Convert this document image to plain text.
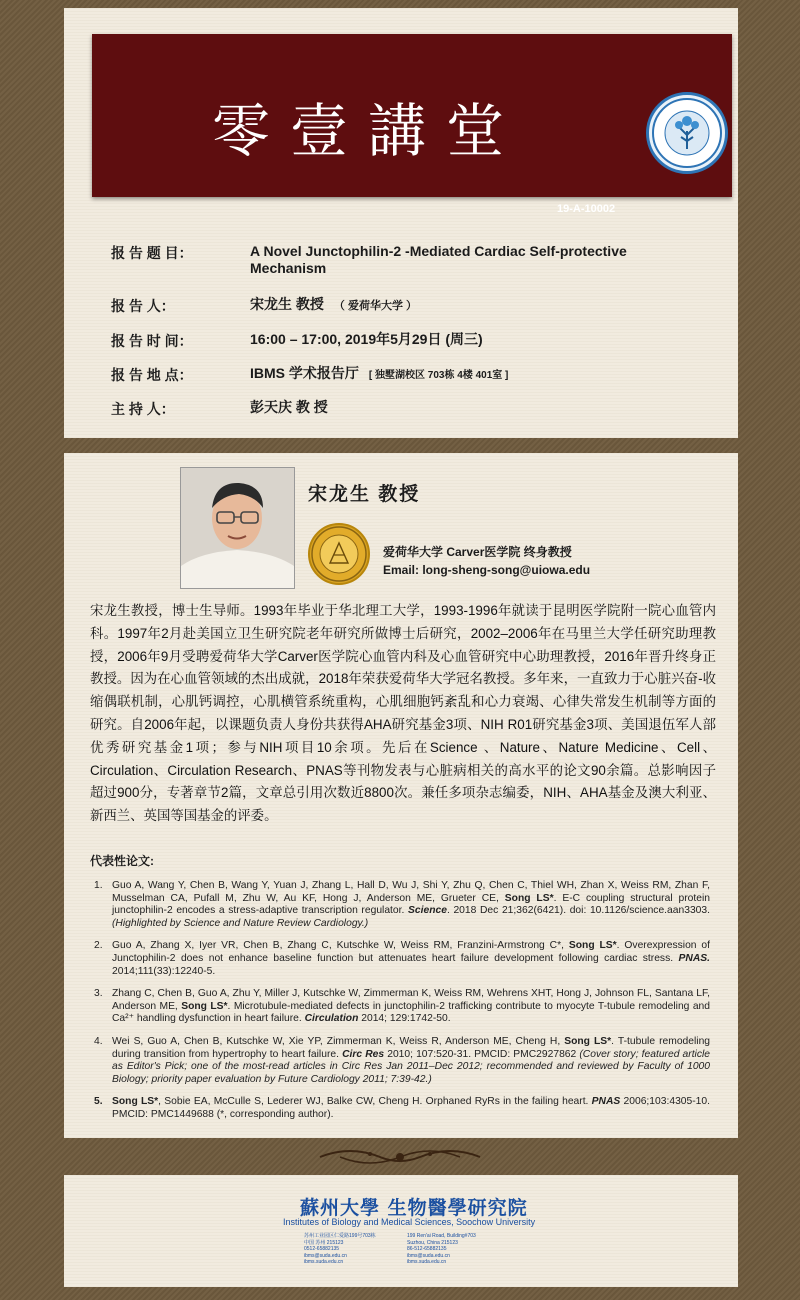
零壹講堂
19-A-10002
报 告 题 目：	A Novel Junctophilin-2 -Mediated Cardiac Self-protective Mechanism
报 告 人：	宋龙生 教授 （ 爱荷华大学 ）
报 告 时 间：	16:00 – 17:00, 2019年5月29日 (周三)
报 告 地 点：	IBMS 学术报告厅 [ 独墅湖校区 703栋 4楼 401室 ]
主 持 人：	彭天庆 教 授
宋龙生 教授
爱荷华大学 Carver医学院 终身教授
Email: long-sheng-song@uiowa.edu
宋龙生教授，博士生导师。1993年毕业于华北理工大学，1993-1996年就读于昆明医学院附一院心血管内科。1997年2月赴美国立卫生研究院老年研究所做博士后研究，2002–2006年在马里兰大学任研究助理教授，2006年9月受聘爱荷华大学Carver医学院心血管内科及心血管研究中心助理教授，2016年晋升终身正教授。因为在心血管领域的杰出成就，2018年荣获爱荷华大学冠名教授。多年来，一直致力于心脏兴奋-收缩偶联机制，心肌钙调控，心肌横管系统重构，心肌细胞钙紊乱和心力衰竭、心律失常发生机制等方面的研究。自2006年起，以课题负责人身份共获得AHA研究基金3项、NIH R01研究基金3项、美国退伍军人部优秀研究基金1项；参与NIH项目10余项。先后在Science 、Nature、Nature Medicine、Cell、Circulation、Circulation Research、PNAS等刊物发表与心脏病相关的高水平的论文90余篇。总影响因子超过900分，专著章节2篇，文章总引用次数近8800次。兼任多项杂志编委，NIH、AHA基金及澳大利亚、新西兰、英国等国基金的评委。
代表性论文:
1. Guo A, Wang Y, Chen B, Wang Y, Yuan J, Zhang L, Hall D, Wu J, Shi Y, Zhu Q, Chen C, Thiel WH, Zhan X, Weiss RM, Zhan F, Musselman CA, Pufall M, Zhu W, Au KF, Hong J, Anderson ME, Grueter CE, Song LS*. E-C coupling structural protein junctophilin-2 encodes a stress-adaptive transcription regulator. Science. 2018 Dec 21;362(6421). doi: 10.1126/science.aan3303. (Highlighted by Science and Nature Review Cardiology.)
2. Guo A, Zhang X, Iyer VR, Chen B, Zhang C, Kutschke W, Weiss RM, Franzini-Armstrong C*, Song LS*. Overexpression of Junctophilin-2 does not enhance baseline function but attenuates heart failure development following cardiac stress. PNAS. 2014;111(33):12240-5.
3. Zhang C, Chen B, Guo A, Zhu Y, Miller J, Kutschke W, Zimmerman K, Weiss RM, Wehrens XHT, Hong J, Johnson FL, Santana LF, Anderson ME, Song LS*. Microtubule-mediated defects in junctophilin-2 trafficking contribute to myocyte T-tubule remodeling and Ca²⁺ handling dysfunction in heart failure. Circulation 2014; 129:1742-50.
4. Wei S, Guo A, Chen B, Kutschke W, Xie YP, Zimmerman K, Weiss R, Anderson ME, Cheng H, Song LS*. T-tubule remodeling during transition from hypertrophy to heart failure. Circ Res 2010; 107:520-31. PMCID: PMC2927862 (Cover story; featured article as Editor's Pick; one of the most-read articles in Circ Res Jan 2011–Dec 2012; recommended and reviewed by Faculty of 1000 Biology; priority paper evaluation by Future Cardiology 2011; 7:39-42.)
5. Song LS*, Sobie EA, McCulle S, Lederer WJ, Balke CW, Cheng H. Orphaned RyRs in the failing heart. PNAS 2006;103:4305-10. PMCID: PMC1449688 (*, corresponding author).
蘇州大學 生物醫學研究院
Institutes of Biology and Medical Sciences, Soochow University
苏州工业园区仁爱路199号703栋
中国 苏州 215123
0512-65882135
ibms@suda.edu.cn
ibms.suda.edu.cn
199 Ren'ai Road, Building#703
Suzhou, China 215123
86-512-65882135
ibms@suda.edu.cn
ibms.suda.edu.cn
